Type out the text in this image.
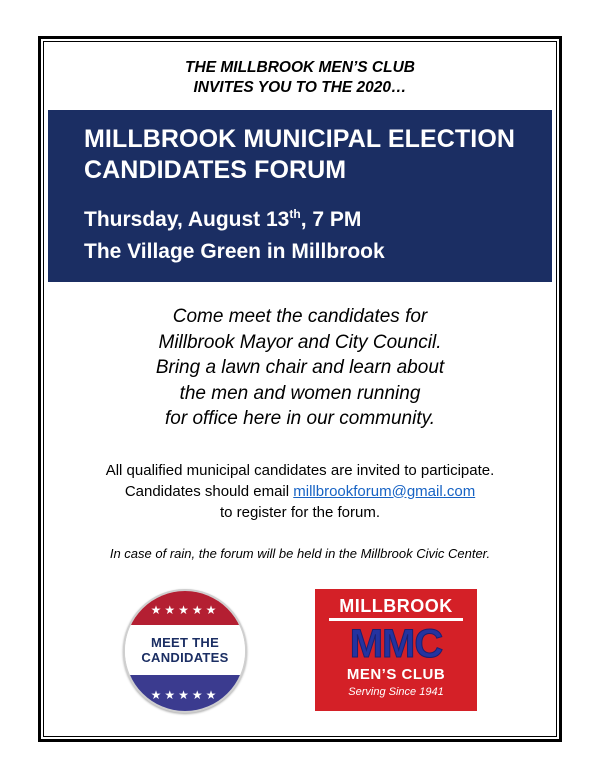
THE MILLBROOK MEN’S CLUB
INVITES YOU TO THE 2020…
MILLBROOK MUNICIPAL ELECTION
CANDIDATES FORUM
Thursday, August 13th, 7 PM
The Village Green in Millbrook
Come meet the candidates for
Millbrook Mayor and City Council.
Bring a lawn chair and learn about
the men and women running
for office here in our community.
All qualified municipal candidates are invited to participate.
Candidates should email millbrookforum@gmail.com
to register for the forum.
In case of rain, the forum will be held in the Millbrook Civic Center.
★★★★★
MEET THE
CANDIDATES
★★★★★
MILLBROOK
MMC
MEN’S CLUB
Serving Since 1941
